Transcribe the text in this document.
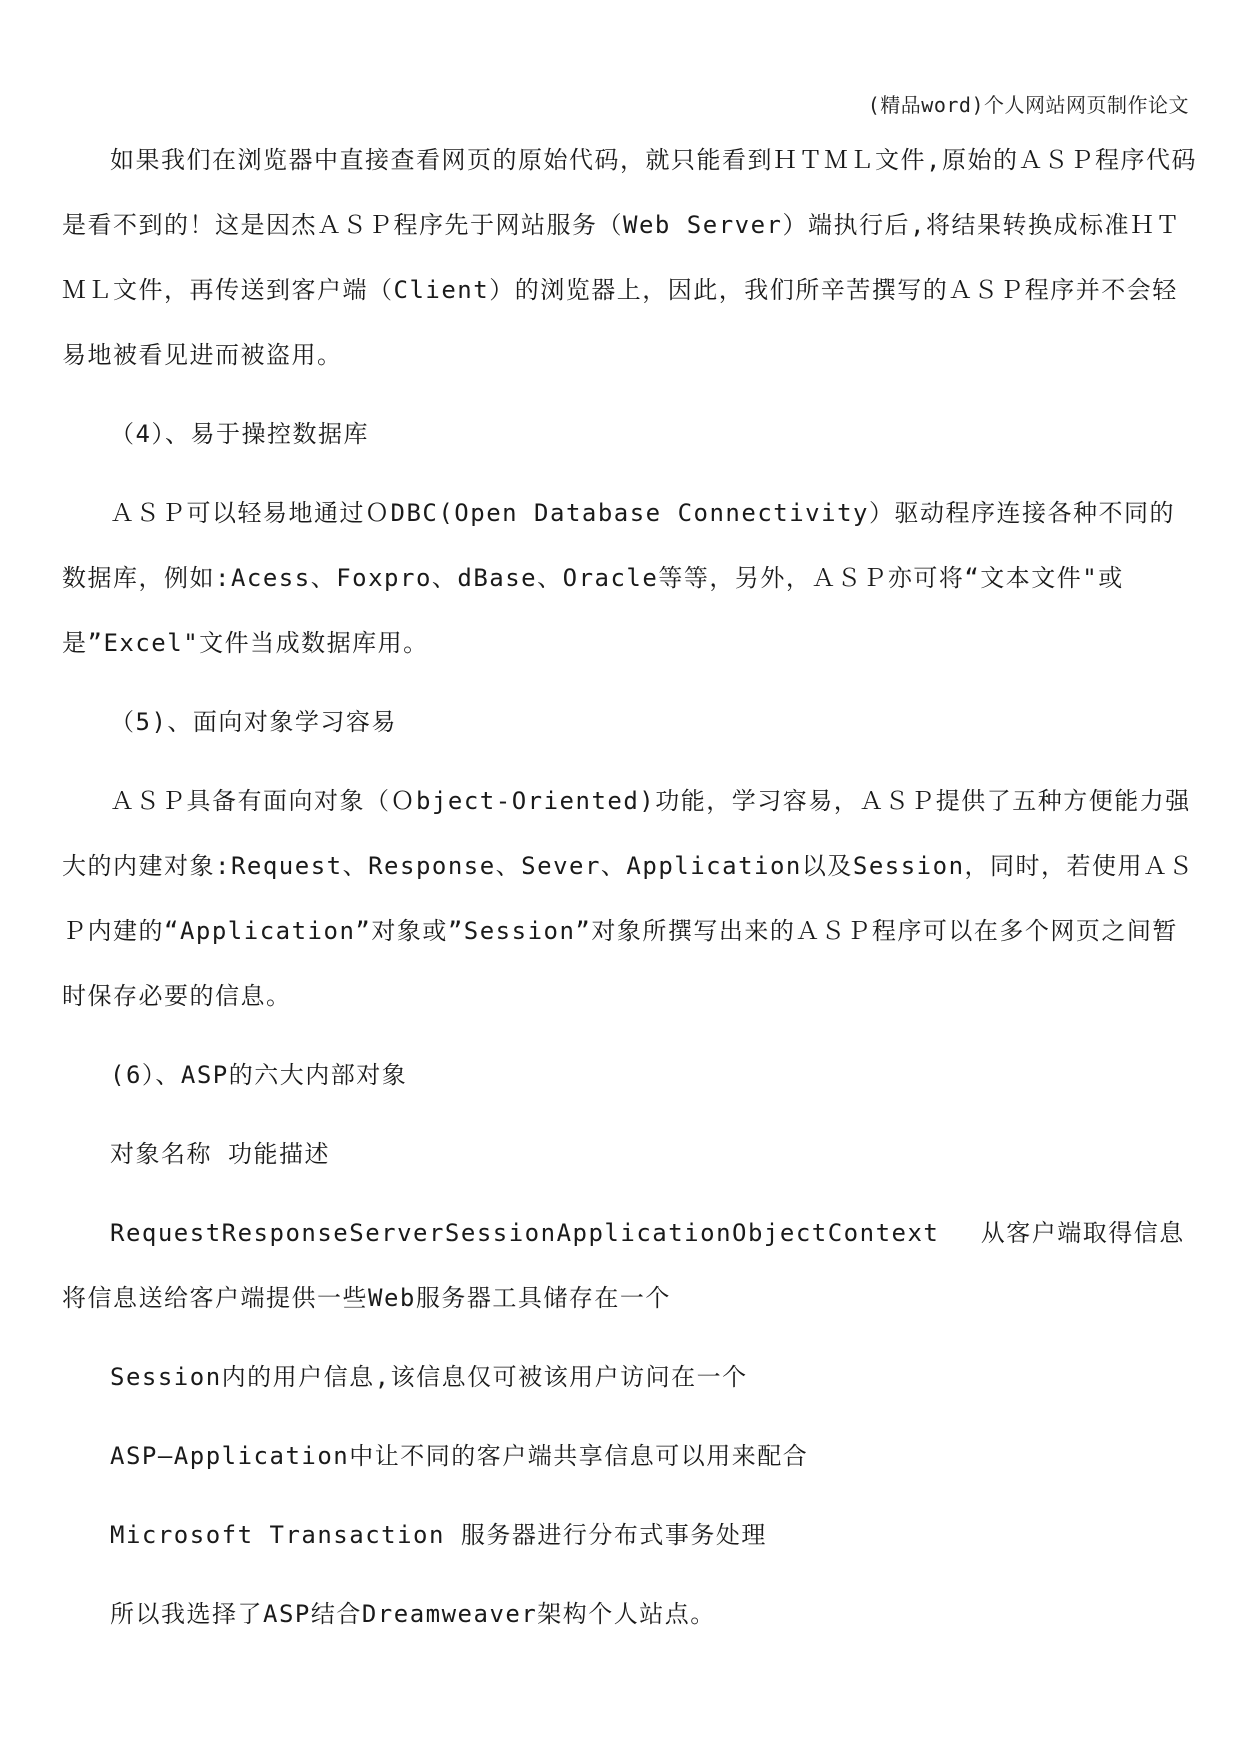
(精品word)个人网站网页制作论文

如果我们在浏览器中直接查看网页的原始代码，就只能看到ＨＴＭＬ文件,原始的ＡＳＰ程序代码是看不到的！这是因杰ＡＳＰ程序先于网站服务（Web Server）端执行后,将结果转换成标准ＨＴＭＬ文件，再传送到客户端（Client）的浏览器上，因此，我们所辛苦撰写的ＡＳＰ程序并不会轻易地被看见进而被盗用。

（4）、易于操控数据库

ＡＳＰ可以轻易地通过ＯDBC(Open Database Connectivity）驱动程序连接各种不同的数据库，例如:Acess、Foxpro、dBase、Oracle等等，另外，ＡＳＰ亦可将“文本文件"或是”Excel"文件当成数据库用。

（5)、面向对象学习容易

ＡＳＰ具备有面向对象（Ｏbject-Oriented)功能，学习容易，ＡＳＰ提供了五种方便能力强大的内建对象:Request、Response、Sever、Application以及Session，同时，若使用ＡＳＰ内建的“Application”对象或”Session”对象所撰写出来的ＡＳＰ程序可以在多个网页之间暂时保存必要的信息。

(6）、ASP的六大内部对象

对象名称 功能描述

RequestResponseServerSessionApplicationObjectContext　 从客户端取得信息将信息送给客户端提供一些Web服务器工具储存在一个

Session内的用户信息,该信息仅可被该用户访问在一个

ASP—Application中让不同的客户端共享信息可以用来配合

Microsoft Transaction 服务器进行分布式事务处理

所以我选择了ASP结合Dreamweaver架构个人站点。
